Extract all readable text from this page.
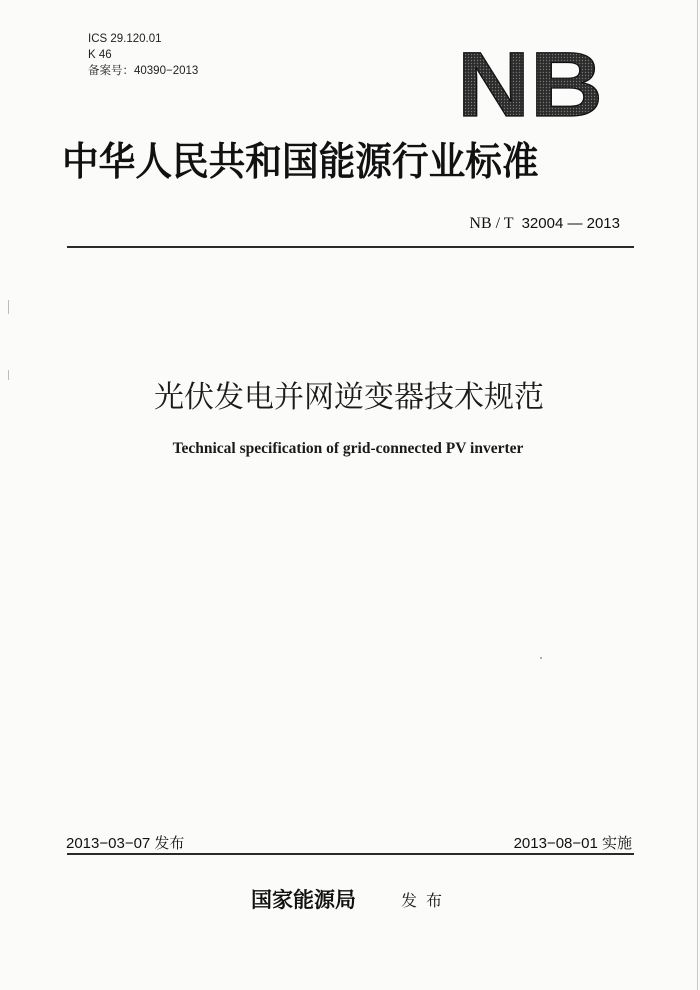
ICS 29.120.01
K 46
备案号：40390−2013	NB
中华人民共和国能源行业标准
NB / T 32004 — 2013
光伏发电并网逆变器技术规范
Technical specification of grid-connected PV inverter
2013−03−07 发布	2013−08−01 实施
国家能源局	发布
